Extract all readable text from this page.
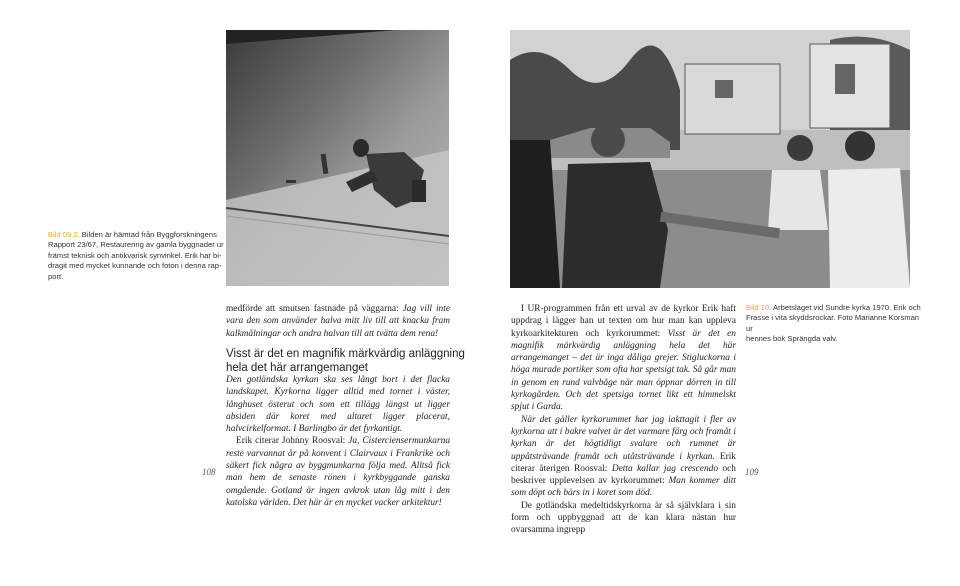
Bild 09.2. Bilden är hämtad från Byggforskningens
Rapport 23/67, Restaurering av gamla byggnader ur
främst teknisk och antikvarisk synvinkel. Erik har bi-
dragit med mycket kunnande och foton i denna rap-
port.
108

medförde att smutsen fastnade på väggarna: Jag vill inte vara den som använder halva mitt liv till att knacka fram kalkmålningar och andra halvan till att tvätta dem rena!

Visst är det en magnifik märkvärdig anläggning
hela det här arrangemanget

Den gotländska kyrkan ska ses långt bort i det flacka landskapet. Kyrkorna ligger alltid med tornet i väster, långhuset österut och som ett tillägg längst ut ligger absiden där koret med altaret ligger placerat, halvcirkelformat. I Barlingbo är det fyrkantigt.

Erik citerar Johnny Roosval: Ja, Cisterciensermunkarna reste varvannat år på konvent i Clairvaux i Frankrike och säkert fick några av byggmunkarna följa med. Alltså fick man hem de senaste rönen i kyrkbyggande ganska omgående. Gotland är ingen avkrok utan låg mitt i den katolska världen. Det här är en mycket vacker arkitektur!

I UR-programmen från ett urval av de kyrkor Erik haft uppdrag i lägger han ut texten om hur man kan uppleva kyrkoarkitekturen och kyrkorummet: Visst är det en magnifik märkvärdig anläggning hela det här arrangemanget – det är inga dåliga grejer. Stigluckorna i höga murade portiker som ofta har spetsigt tak. Så går man in genom en rund valvbåge när man öppnar dörren in till kyrkogården. Och det spetsiga tornet likt ett himmelskt spjut i Garda.

När det gäller kyrkorummet har jag iakttagit i fler av kyrkorna att i bakre valvet är det varmare färg och framåt i kyrkan är det högtidligt svalare och rummet är uppåtsträvande framåt och utåtsträvande i kyrkan. Erik citerar återigen Roosval: Detta kallar jag crescendo och beskriver upplevelsen av kyrkorummet: Man kommer ditt som döpt och bärs in i koret som död.

De gotländska medeltidskyrkorna är så självklara i sin form och uppbyggnad att de kan klara nästan hur ovarsamma ingrepp

109
Bild 10. Arbetslaget vid Sundre kyrka 1970. Erik och
Frasse i vita skyddsrockar. Foto Marianne Korsman ur
hennes bok Sprängda valv.
